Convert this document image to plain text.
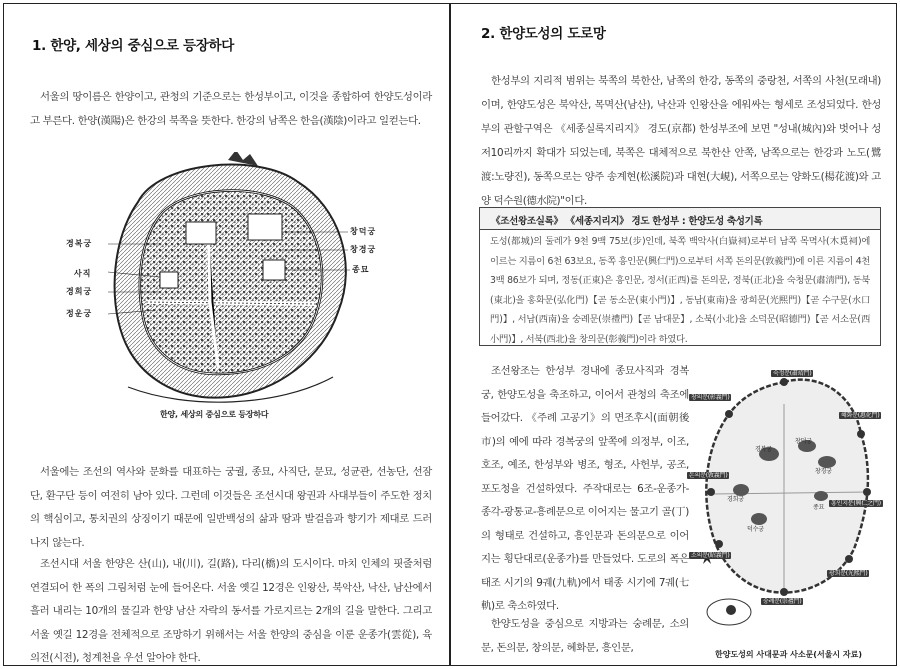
1. 한양, 세상의 중심으로 등장하다
서울의 땅이름은 한양이고, 관청의 기준으로는 한성부이고, 이것을 종합하여 한양도성이라고 부른다. 한양(漢陽)은 한강의 북쪽을 뜻한다. 한강의 남쪽은 한음(漢陰)이라고 일컫는다.
경복궁
사직
경희궁
정운궁
창덕궁
창경궁
종묘
한양, 세상의 중심으로 등장하다
서울에는 조선의 역사와 문화를 대표하는 궁궐, 종묘, 사직단, 문묘, 성균관, 선농단, 선잠단, 환구단 등이 여전히 남아 있다. 그런데 이것들은 조선시대 왕권과 사대부들이 주도한 정치의 핵심이고, 통치권의 상징이기 때문에 일반백성의 삶과 땀과 발걸음과 향기가 제대로 드러나지 않는다.
조선시대 서울 한양은 산(山), 내(川), 길(路), 다리(橋)의 도시이다. 마치 인체의 핏줄처럼 연결되어 한 폭의 그림처럼 눈에 들어온다. 서울 옛길 12경은 인왕산, 북악산, 낙산, 남산에서 흘러 내리는 10개의 물길과 한양 남산 자락의 동서를 가로지르는 2개의 길을 말한다. 그리고 서울 옛길 12경을 전체적으로 조망하기 위해서는 서울 한양의 중심을 이룬 운종가(雲從), 육의전(시전), 청계천을 우선 알아야 한다.
2. 한양도성의 도로망
한성부의 지리적 범위는 북쪽의 북한산, 남쪽의 한강, 동쪽의 중랑천, 서쪽의 사천(모래내)이며, 한양도성은 북악산, 목멱산(남산), 낙산과 인왕산을 에워싸는 형세로 조성되었다. 한성부의 관할구역은 《세종실록지리지》 경도(京都) 한성부조에 보면 "성내(城內)와 벗어나 성저10리까지 확대가 되었는데, 북쪽은 대체적으로 북한산 안쪽, 남쪽으로는 한강과 노도(鷺渡:노량진), 동쪽으로는 양주 송계현(松溪院)과 대현(大峴), 서쪽으로는 양화도(楊花渡)와 고양 덕수원(德水院)"이다.
《조선왕조실록》 《세종지리지》 경도 한성부 : 한양도성 축성기록
도성(都城)의 둘레가 9천 9백 75보(步)인데, 북쪽 백악사(白嶽祠)로부터 남쪽 목멱사(木覓祠)에 이르는 지름이 6천 63보요, 동쪽 흥인문(興仁門)으로부터 서쪽 돈의문(敦義門)에 이른 지름이 4천 3백 86보가 되며, 정동(正東)은 흥인문, 정서(正西)를 돈의문, 정북(正北)을 숙청문(肅淸門), 동북(東北)을 홍화문(弘化門)【곧 동소문(東小門)】, 동남(東南)을 광희문(光熙門)【곧 수구문(水口門)】, 서남(西南)을 숭례문(崇禮門)【곧 남대문】, 소북(小北)을 소덕문(昭德門)【곧 서소문(西小門)】, 서북(西北)을 창의문(彰義門)이라 하였다.
조선왕조는 한성부 경내에 종묘사직과 경복궁, 한양도성을 축조하고, 이어서 관청의 축조에 들어갔다. 《주례 고공기》의 면조후시(面朝後市)의 예에 따라 경복궁의 앞쪽에 의정부, 이조, 호조, 예조, 한성부와 병조, 형조, 사헌부, 공조, 포도청을 건설하였다. 주작대로는 6조-운종가-종각-광통교-흥례문으로 이어지는 물고기 골(丁)의 형태로 건설하고, 흥인문과 돈의문으로 이어지는 횡단대로(운종가)를 만들었다. 도로의 폭은 태조 시기의 9궤(九軌)에서 태종 시기에 7궤(七軌)로 축소하였다.
한양도성을 중심으로 지방과는 숭례문, 소의문, 돈의문, 창의문, 혜화문, 흥인문,
숙정문(肅靖門)
창의문(彰義門)
혜화문(惠化門)
돈의문(敦義門)
흥인지문(興仁之門)
소의문(昭義門)
숭례문(崇禮門)
광희문(光熙門)
경복궁
창덕궁
창경궁
경희궁
덕수궁
종묘
한양도성의 사대문과 사소문(서울시 자료)
